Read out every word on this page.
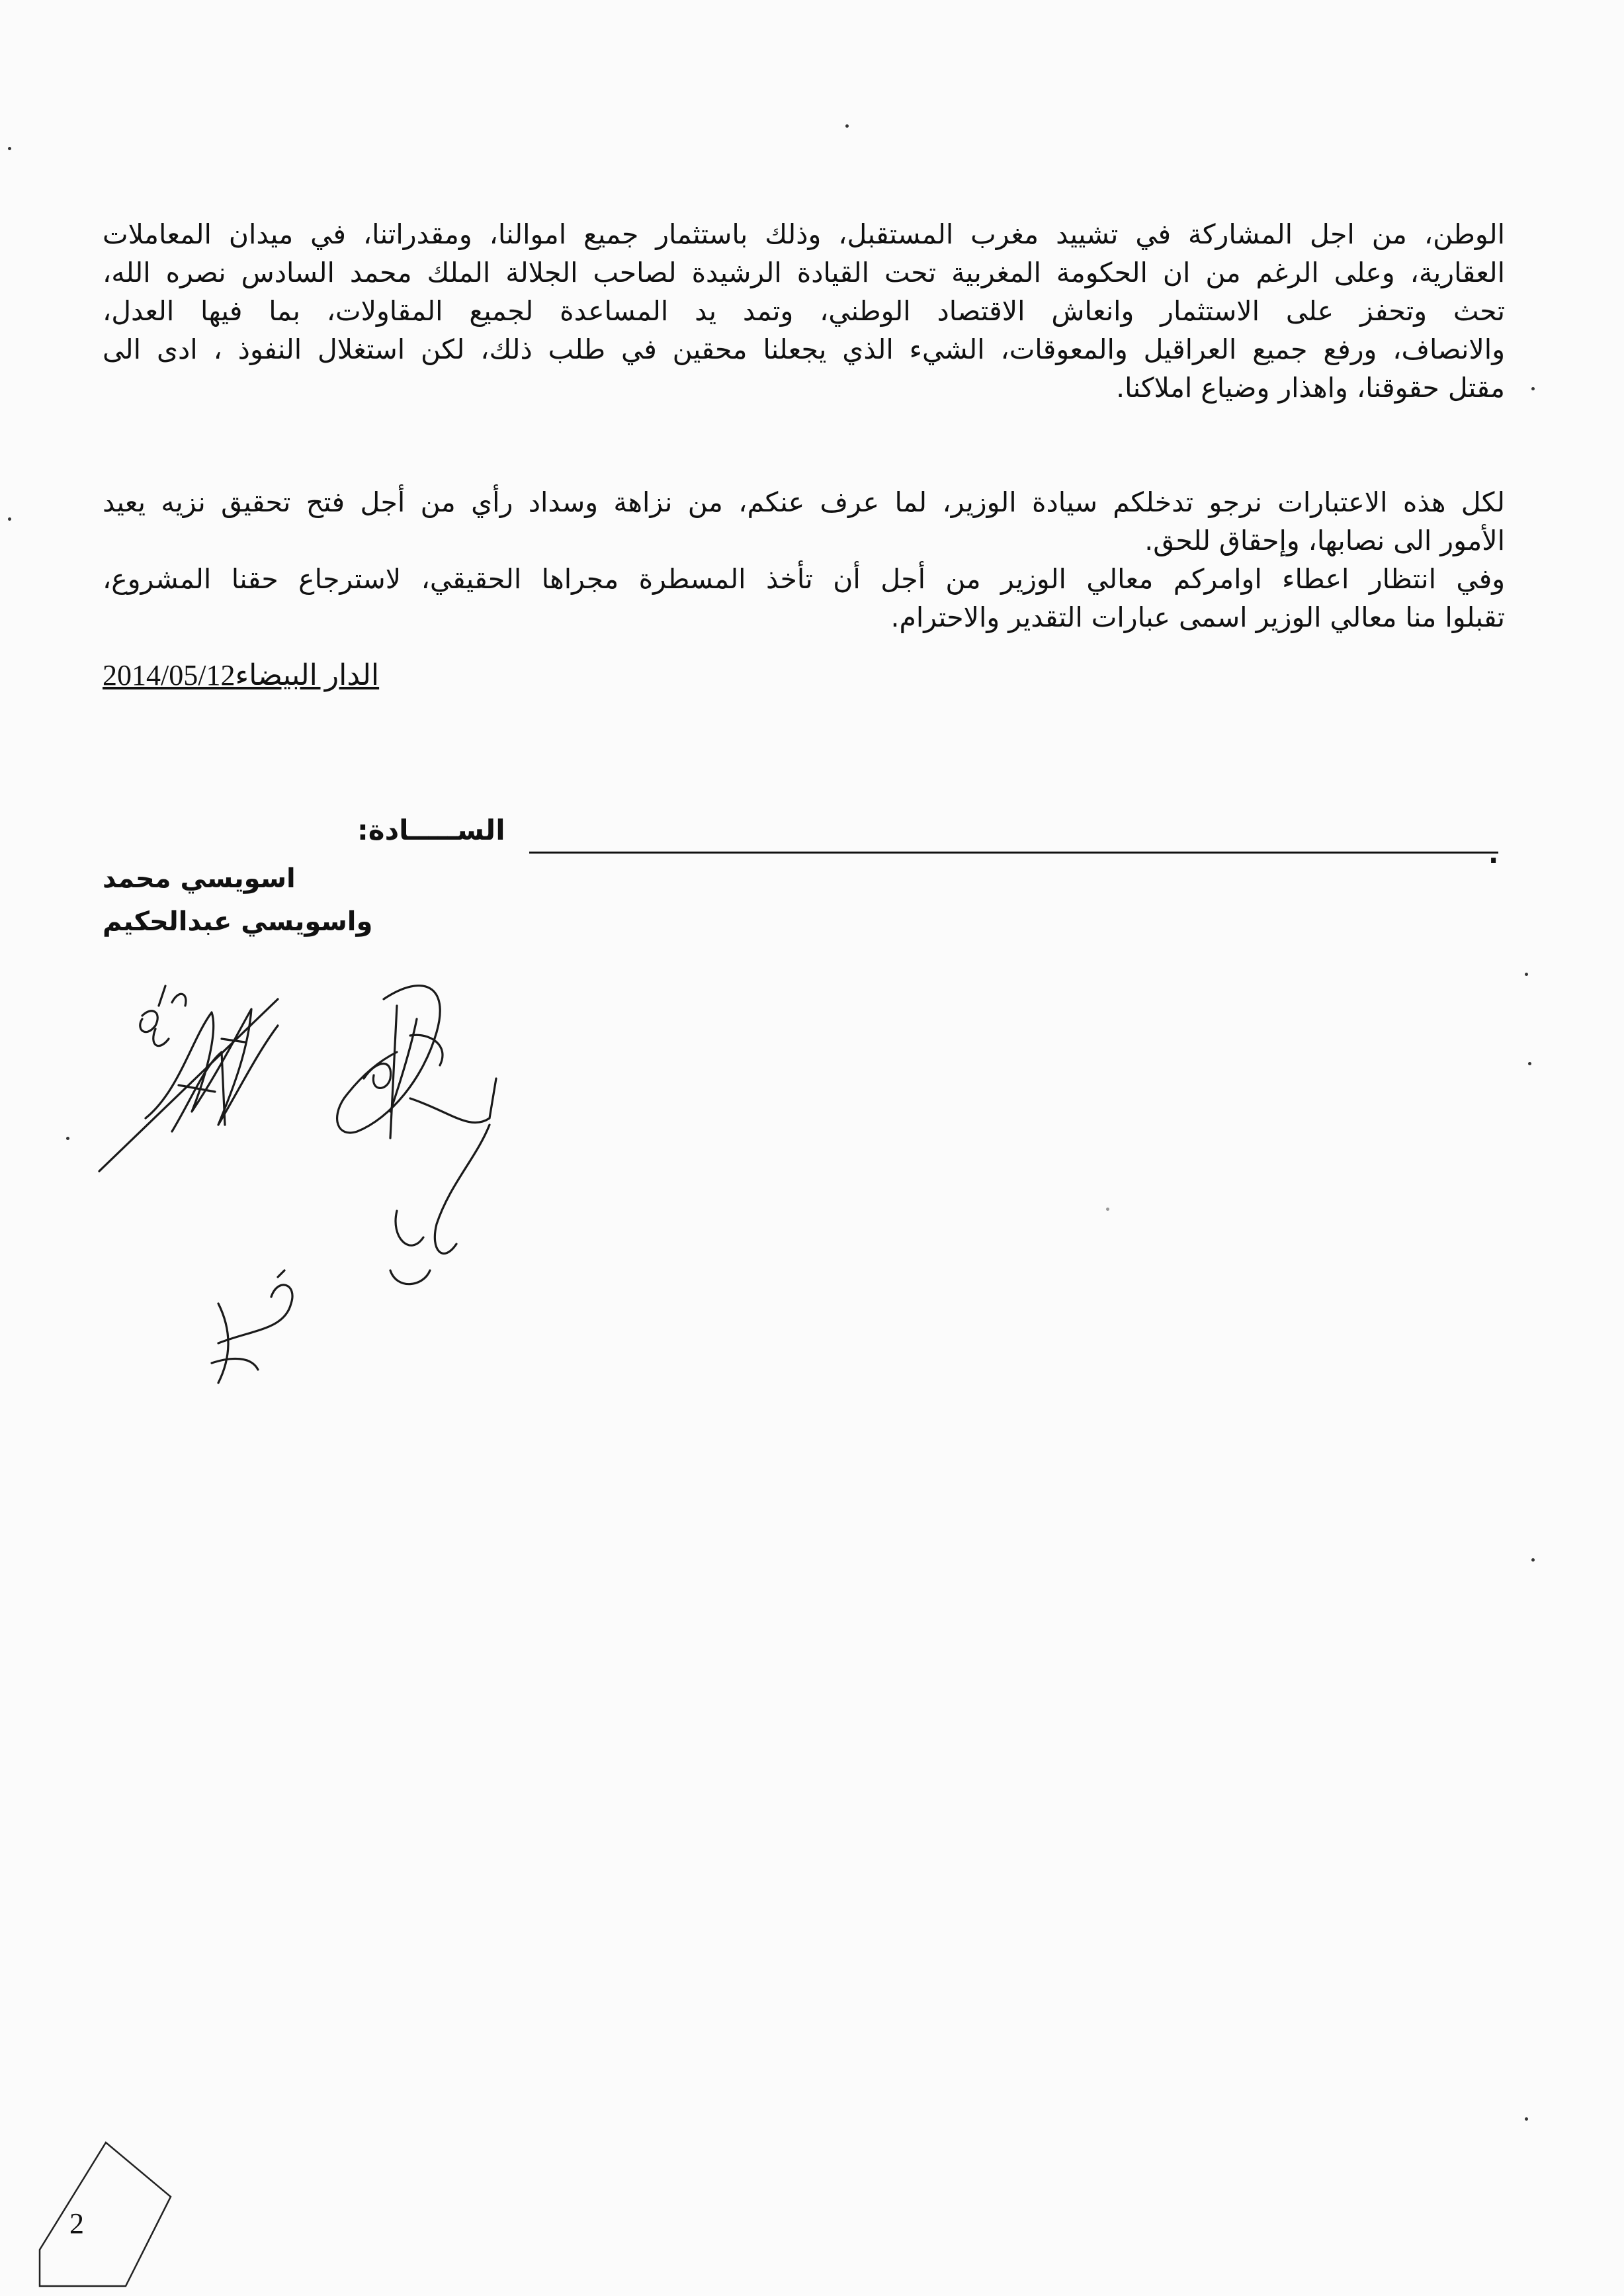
الوطن، من اجل المشاركة في تشييد مغرب المستقبل، وذلك باستثمار جميع اموالنا، ومقدراتنا، في ميدان المعاملات
العقارية، وعلى الرغم من ان الحكومة المغربية تحت القيادة الرشيدة لصاحب الجلالة الملك محمد السادس نصره الله،
تحث وتحفز على الاستثمار وانعاش الاقتصاد الوطني، وتمد يد المساعدة لجميع المقاولات، بما فيها العدل،
والانصاف، ورفع جميع العراقيل والمعوقات، الشيء الذي يجعلنا محقين في طلب ذلك، لكن استغلال النفوذ ، ادى الى
مقتل حقوقنا، واهذار وضياع املاكنا.
لكل هذه الاعتبارات نرجو تدخلكم سيادة الوزير، لما عرف عنكم، من نزاهة وسداد رأي من أجل فتح تحقيق نزيه يعيد
الأمور الى نصابها، وإحقاق للحق.
وفي انتظار اعطاء اوامركم معالي الوزير من أجل أن تأخذ المسطرة مجراها الحقيقي، لاسترجاع حقنا المشروع،
تقبلوا منا معالي الوزير اسمى عبارات التقدير والاحترام.
الدار البيضاء2014/05/12
الســـــادة:
.
اسويسي محمد
واسويسي عبدالحكيم
2
